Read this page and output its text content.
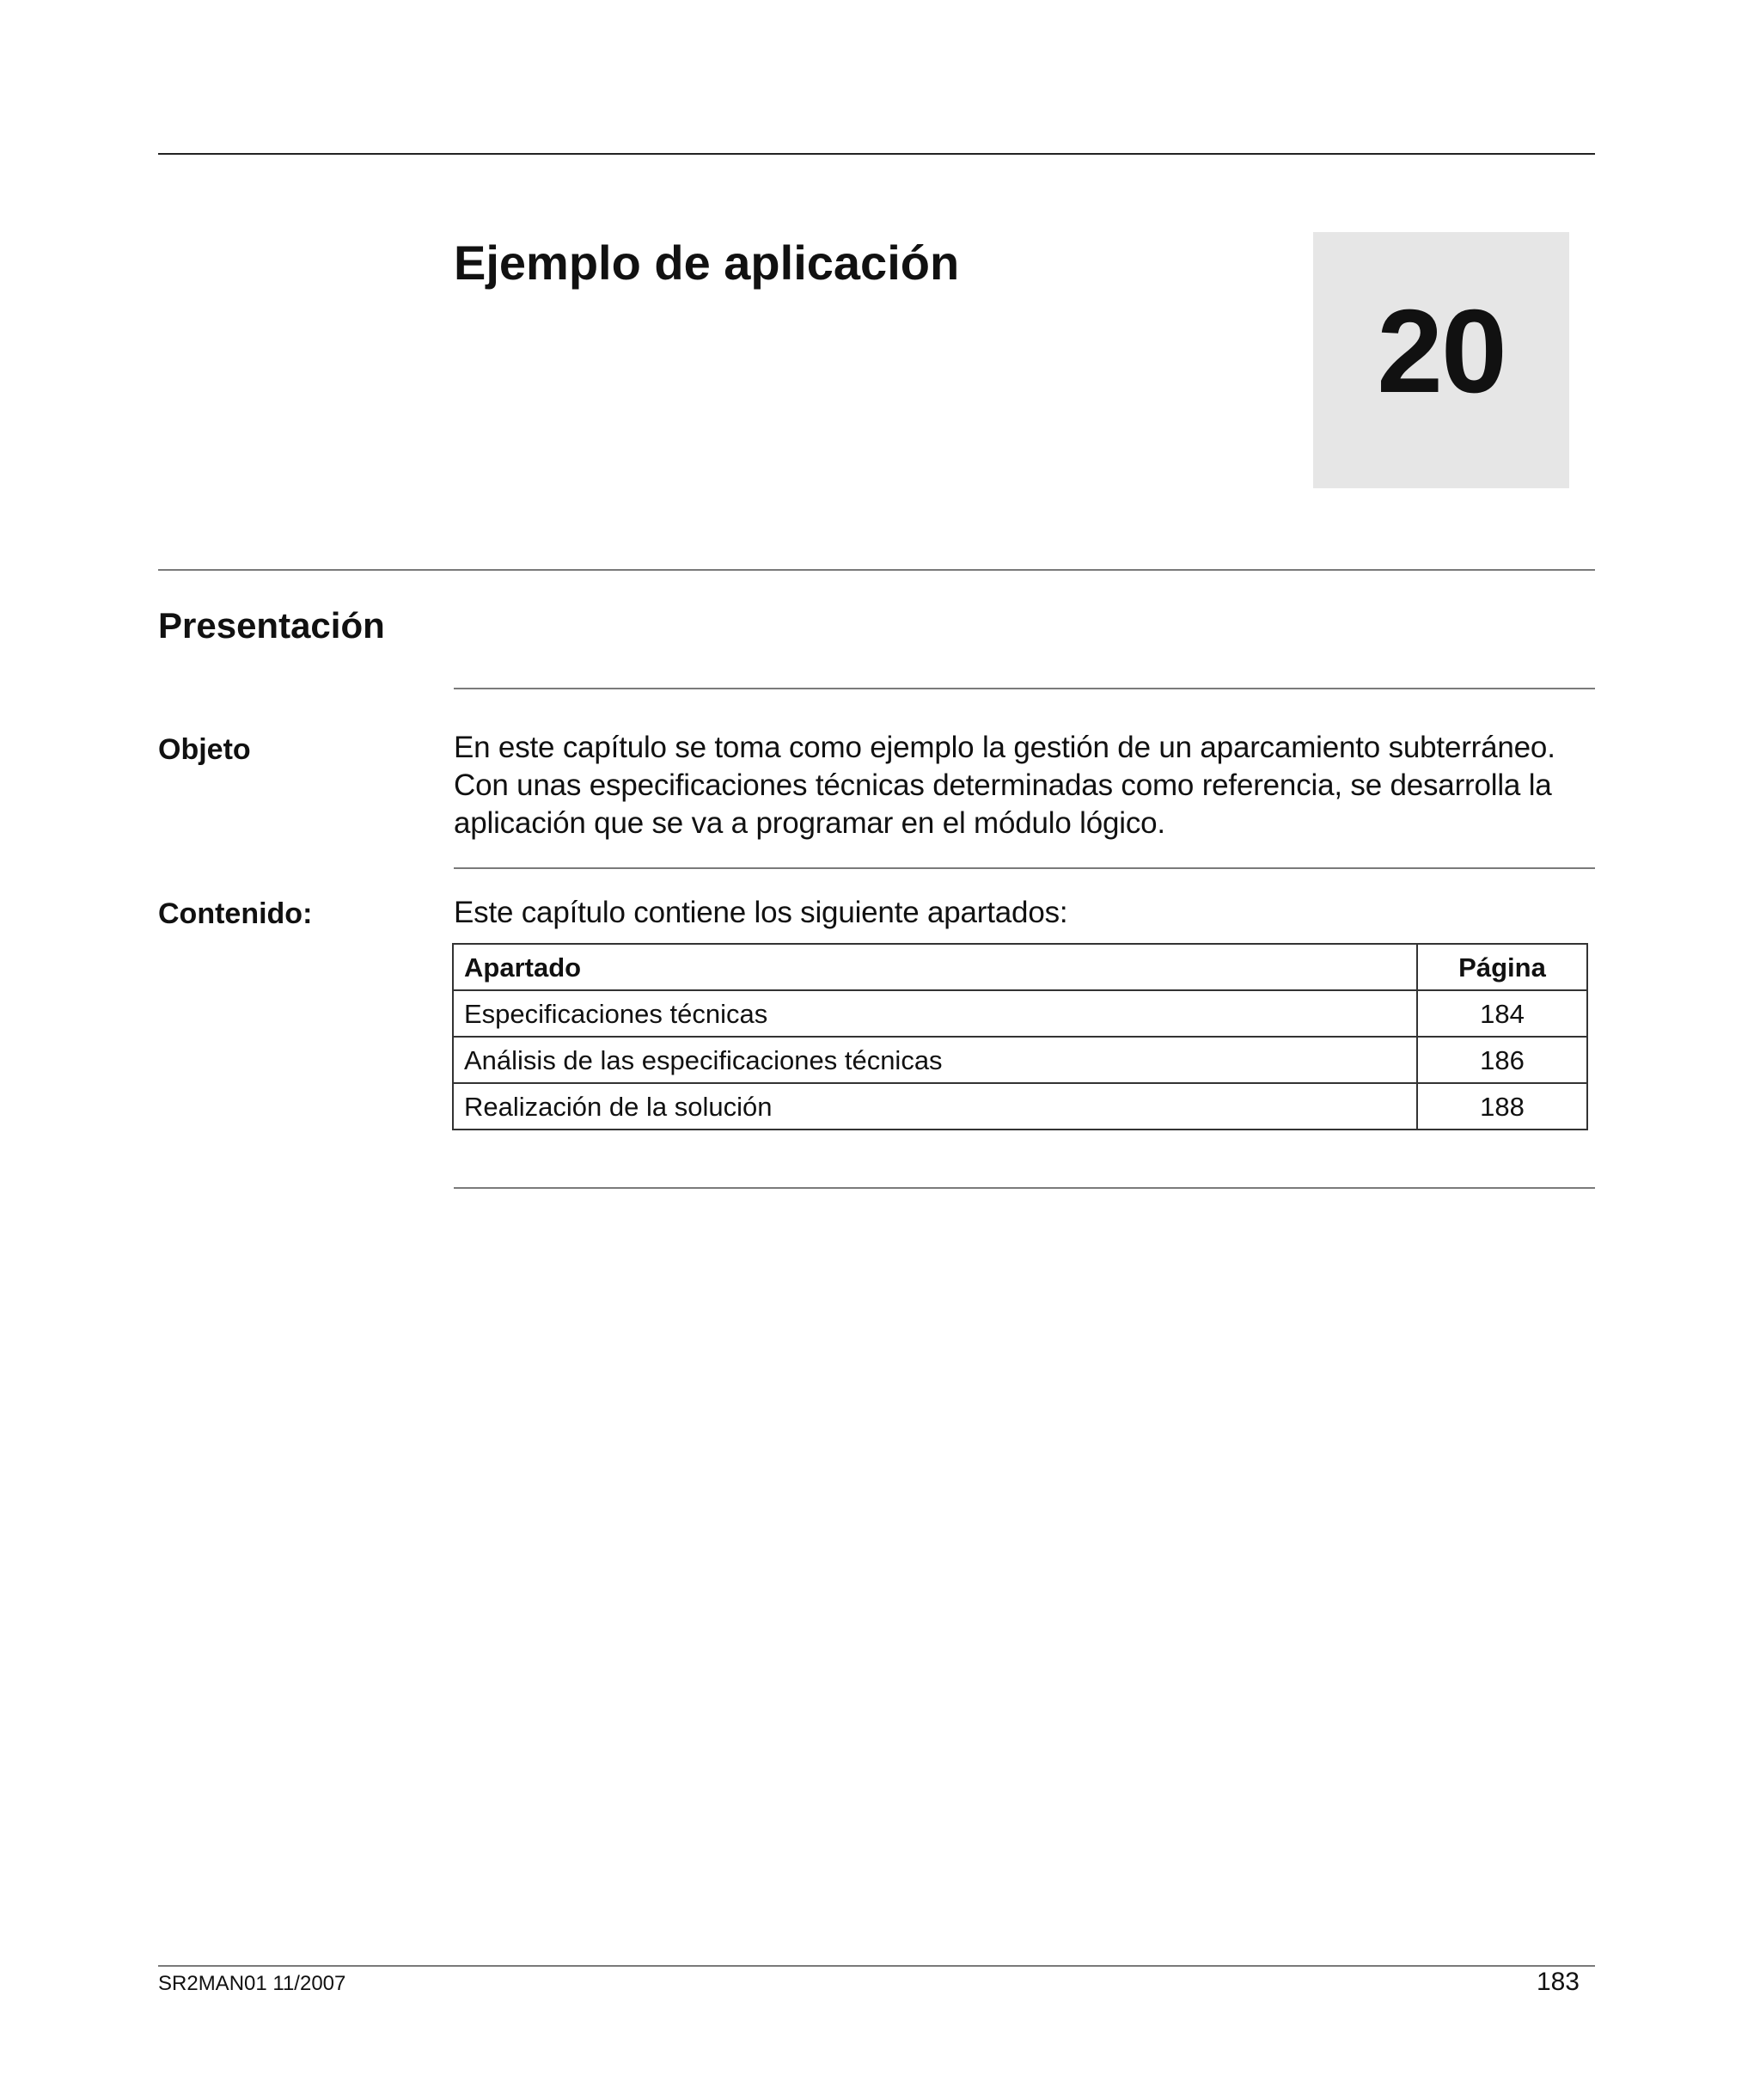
Ejemplo de aplicación
20
Presentación
Objeto	En este capítulo se toma como ejemplo la gestión de un aparcamiento subterráneo. Con unas especificaciones técnicas determinadas como referencia, se desarrolla la aplicación que se va a programar en el módulo lógico.
Contenido:	Este capítulo contiene los siguiente apartados:
Apartado	Página
Especificaciones técnicas	184
Análisis de las especificaciones técnicas	186
Realización de la solución	188
SR2MAN01 11/2007	183
